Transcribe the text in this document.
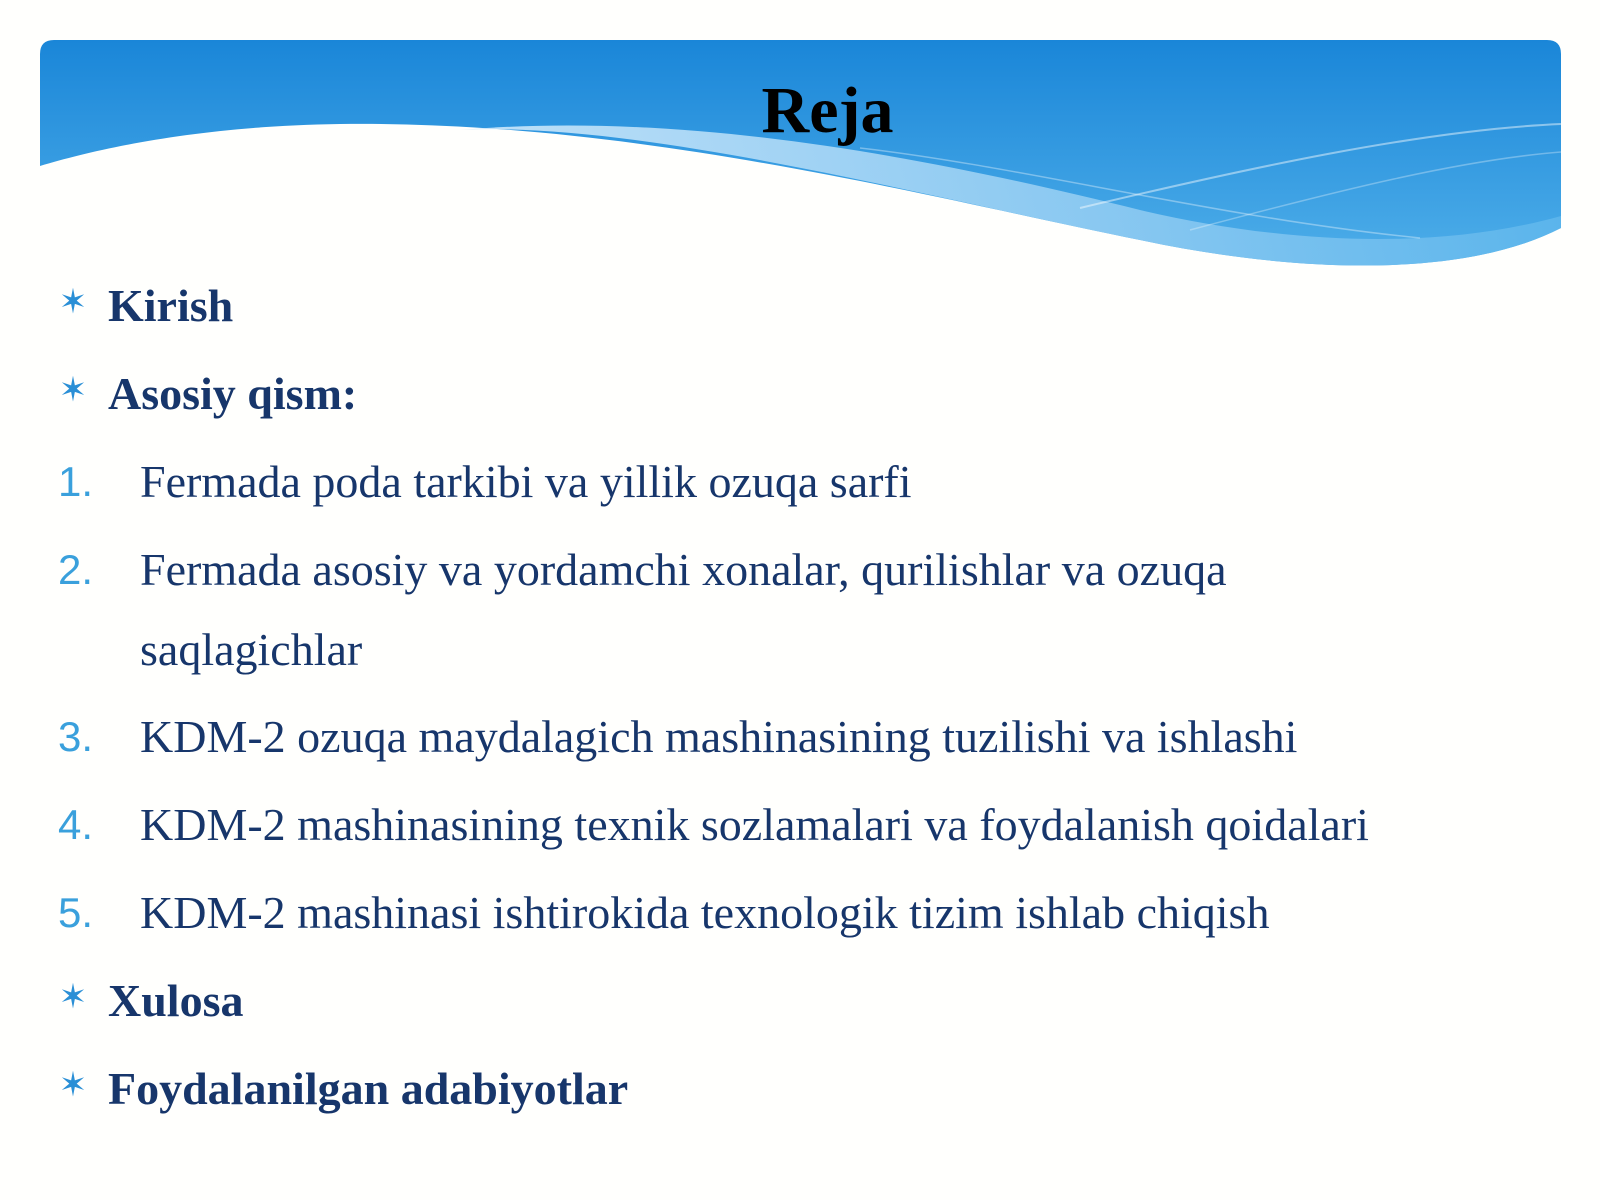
Reja
✶ Kirish
✶ Asosiy qism:
1. Fermada poda tarkibi va yillik ozuqa sarfi
2. Fermada asosiy va yordamchi xonalar, qurilishlar va ozuqa saqlagichlar
3. KDM-2 ozuqa maydalagich mashinasining tuzilishi va ishlashi
4. KDM-2 mashinasining texnik sozlamalari va foydalanish qoidalari
5. KDM-2 mashinasi ishtirokida texnologik tizim ishlab chiqish
✶ Xulosa
✶ Foydalanilgan adabiyotlar
